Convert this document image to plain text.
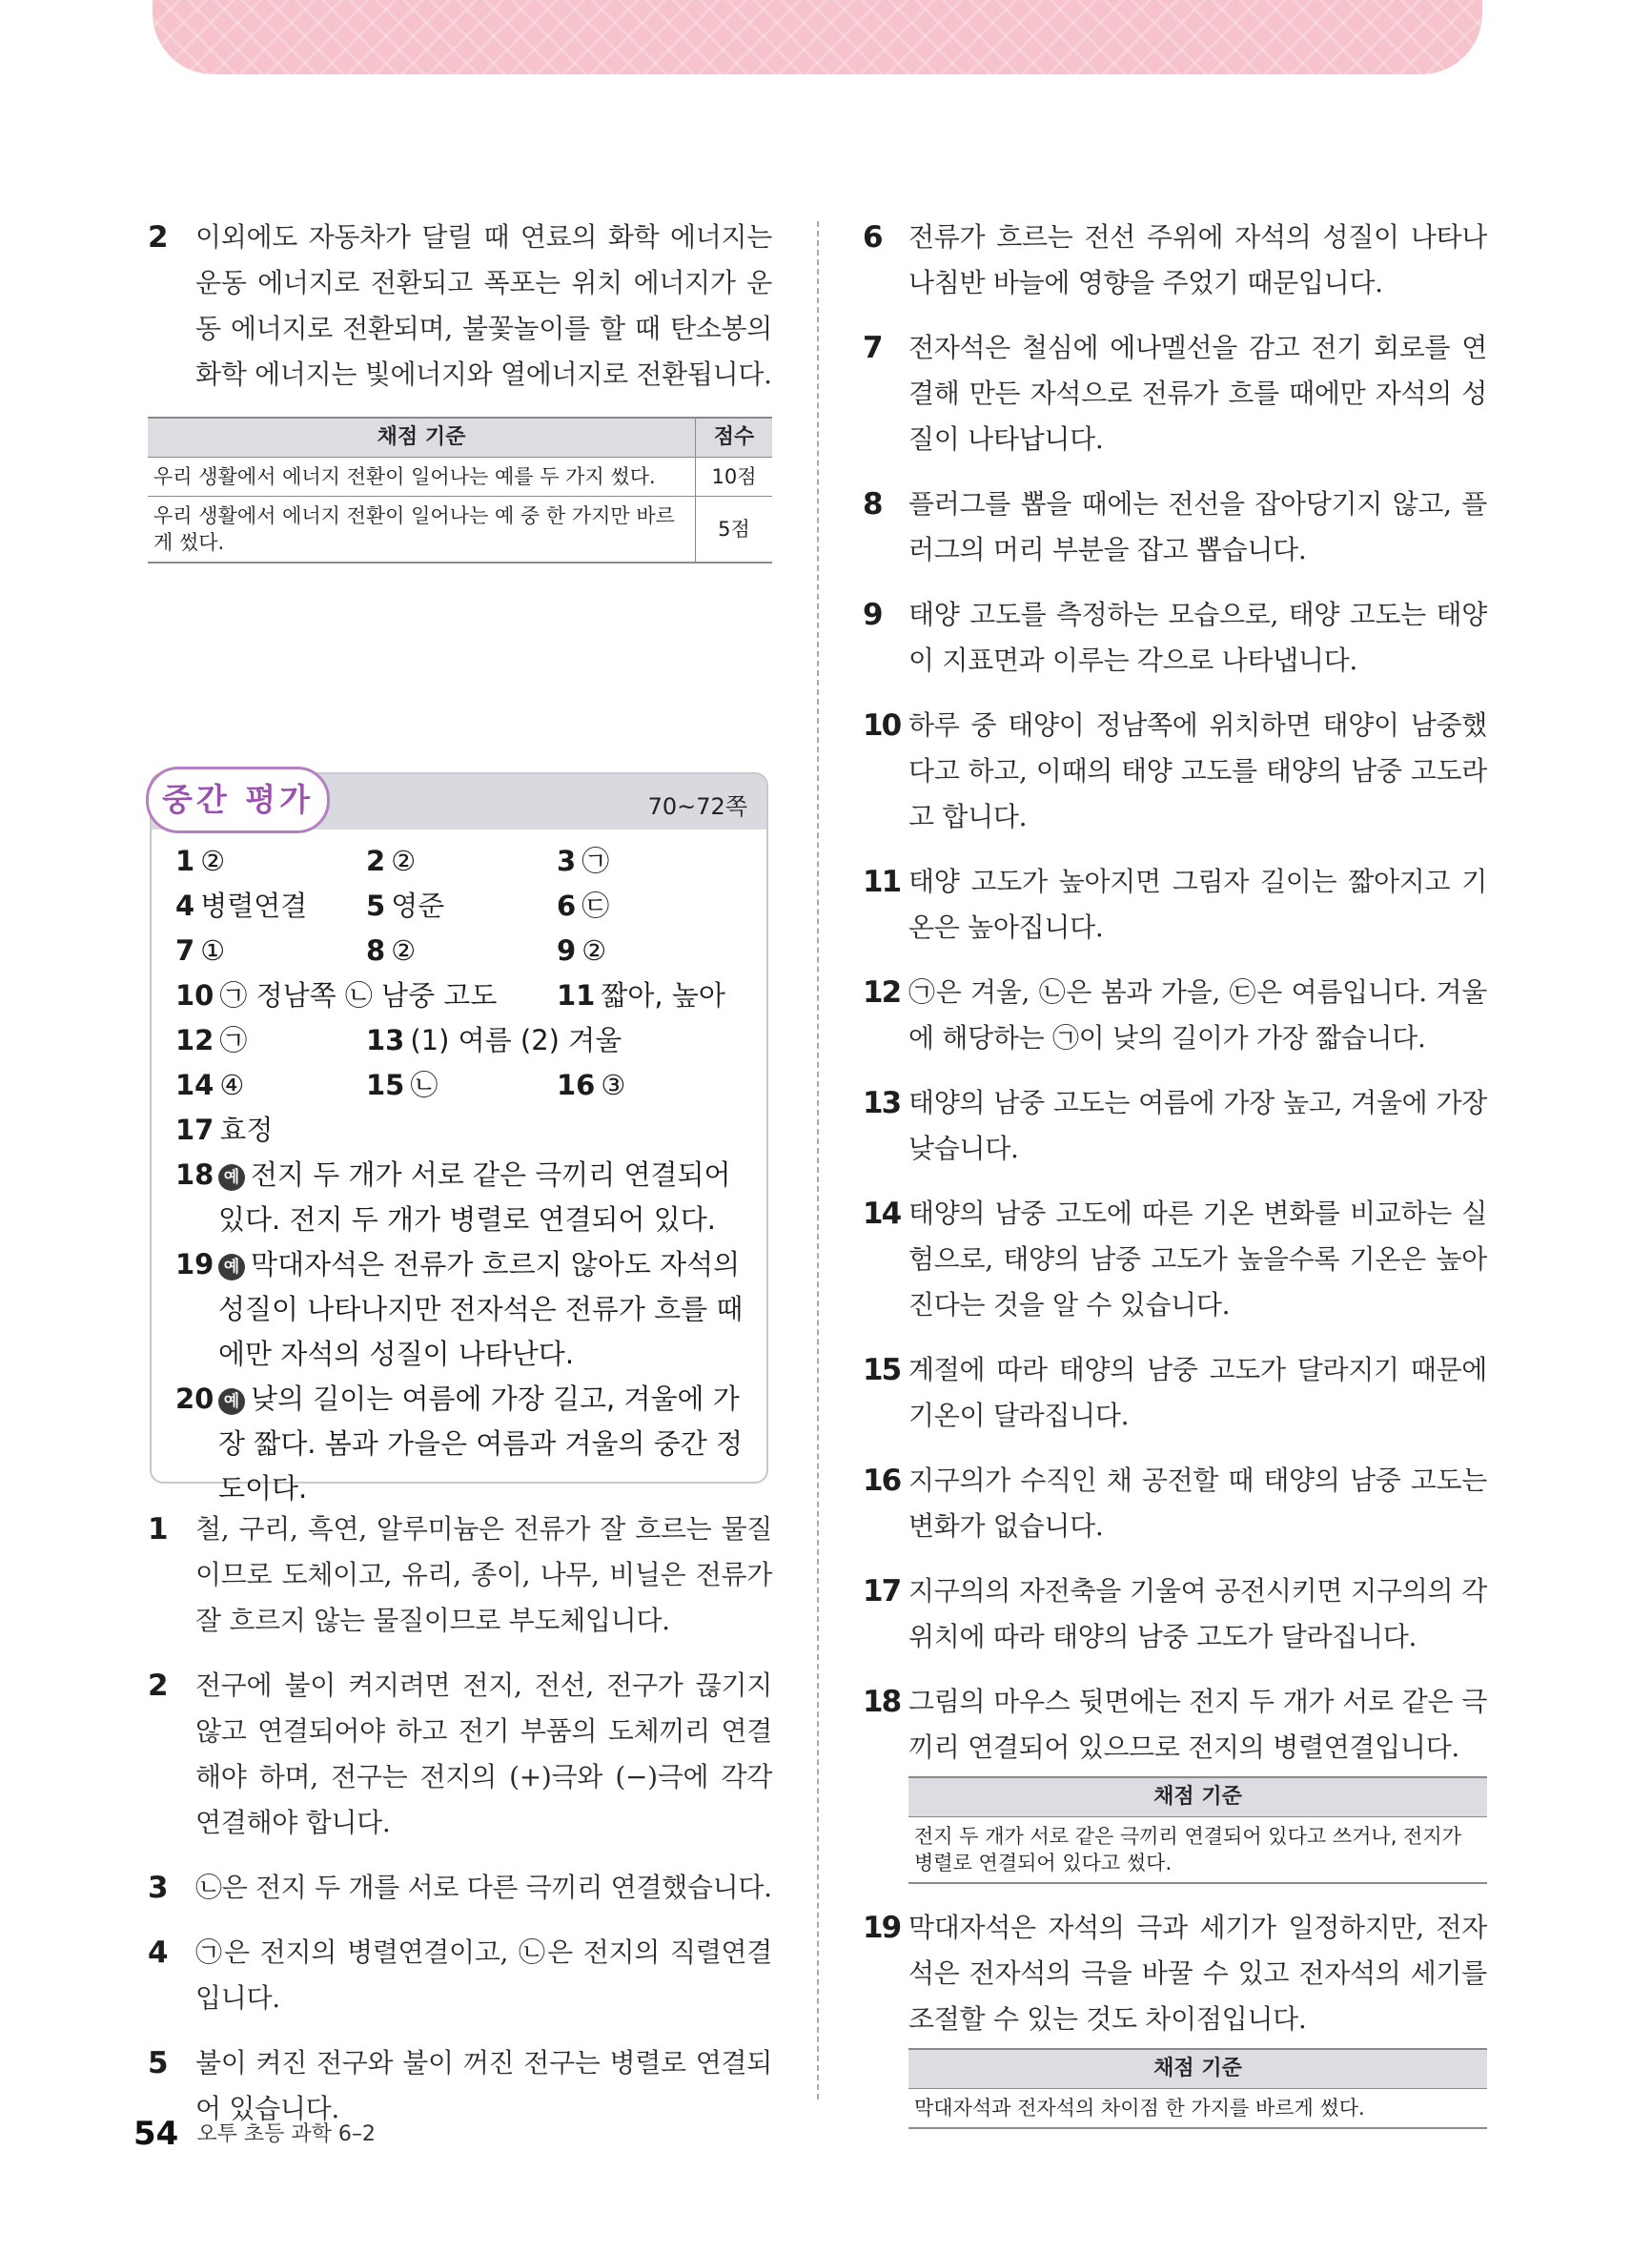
2 이외에도 자동차가 달릴 때 연료의 화학 에너지는 운동 에너지로 전환되고 폭포는 위치 에너지가 운동 에너지로 전환되며, 불꽃놀이를 할 때 탄소봉의 화학 에너지는 빛에너지와 열에너지로 전환됩니다.
채점 기준	점수
우리 생활에서 에너지 전환이 일어나는 예를 두 가지 썼다.	10점
우리 생활에서 에너지 전환이 일어나는 예 중 한 가지만 바르게 썼다.	5점
중간 평가	70~72쪽
1 ②	2 ②	3 ㉠
4 병렬연결 5 영준	6 ㉢
7 ①	8 ②	9 ②
10 ㉠ 정남쪽 ㉡ 남중 고도 11 짧아, 높아
12 ㉠	13 (1) 여름 (2) 겨울
14 ④	15 ㉡	16 ③
17 효정
18 예 전지 두 개가 서로 같은 극끼리 연결되어 있다. 전지 두 개가 병렬로 연결되어 있다.
19 예 막대자석은 전류가 흐르지 않아도 자석의 성질이 나타나지만 전자석은 전류가 흐를 때에만 자석의 성질이 나타난다.
20 예 낮의 길이는 여름에 가장 길고, 겨울에 가장 짧다. 봄과 가을은 여름과 겨울의 중간 정도이다.
1 철, 구리, 흑연, 알루미늄은 전류가 잘 흐르는 물질이므로 도체이고, 유리, 종이, 나무, 비닐은 전류가 잘 흐르지 않는 물질이므로 부도체입니다.
2 전구에 불이 켜지려면 전지, 전선, 전구가 끊기지 않고 연결되어야 하고 전기 부품의 도체끼리 연결해야 하며, 전구는 전지의 (+)극와 (−)극에 각각 연결해야 합니다.
3 ㉡은 전지 두 개를 서로 다른 극끼리 연결했습니다.
4 ㉠은 전지의 병렬연결이고, ㉡은 전지의 직렬연결입니다.
5 불이 켜진 전구와 불이 꺼진 전구는 병렬로 연결되어 있습니다.
6 전류가 흐르는 전선 주위에 자석의 성질이 나타나 나침반 바늘에 영향을 주었기 때문입니다.
7 전자석은 철심에 에나멜선을 감고 전기 회로를 연결해 만든 자석으로 전류가 흐를 때에만 자석의 성질이 나타납니다.
8 플러그를 뽑을 때에는 전선을 잡아당기지 않고, 플러그의 머리 부분을 잡고 뽑습니다.
9 태양 고도를 측정하는 모습으로, 태양 고도는 태양이 지표면과 이루는 각으로 나타냅니다.
10 하루 중 태양이 정남쪽에 위치하면 태양이 남중했다고 하고, 이때의 태양 고도를 태양의 남중 고도라고 합니다.
11 태양 고도가 높아지면 그림자 길이는 짧아지고 기온은 높아집니다.
12 ㉠은 겨울, ㉡은 봄과 가을, ㉢은 여름입니다. 겨울에 해당하는 ㉠이 낮의 길이가 가장 짧습니다.
13 태양의 남중 고도는 여름에 가장 높고, 겨울에 가장 낮습니다.
14 태양의 남중 고도에 따른 기온 변화를 비교하는 실험으로, 태양의 남중 고도가 높을수록 기온은 높아진다는 것을 알 수 있습니다.
15 계절에 따라 태양의 남중 고도가 달라지기 때문에 기온이 달라집니다.
16 지구의가 수직인 채 공전할 때 태양의 남중 고도는 변화가 없습니다.
17 지구의의 자전축을 기울여 공전시키면 지구의의 각 위치에 따라 태양의 남중 고도가 달라집니다.
18 그림의 마우스 뒷면에는 전지 두 개가 서로 같은 극끼리 연결되어 있으므로 전지의 병렬연결입니다.
채점 기준
전지 두 개가 서로 같은 극끼리 연결되어 있다고 쓰거나, 전지가 병렬로 연결되어 있다고 썼다.
19 막대자석은 자석의 극과 세기가 일정하지만, 전자석은 전자석의 극을 바꿀 수 있고 전자석의 세기를 조절할 수 있는 것도 차이점입니다.
채점 기준
막대자석과 전자석의 차이점 한 가지를 바르게 썼다.
54 오투 초등 과학 6–2
